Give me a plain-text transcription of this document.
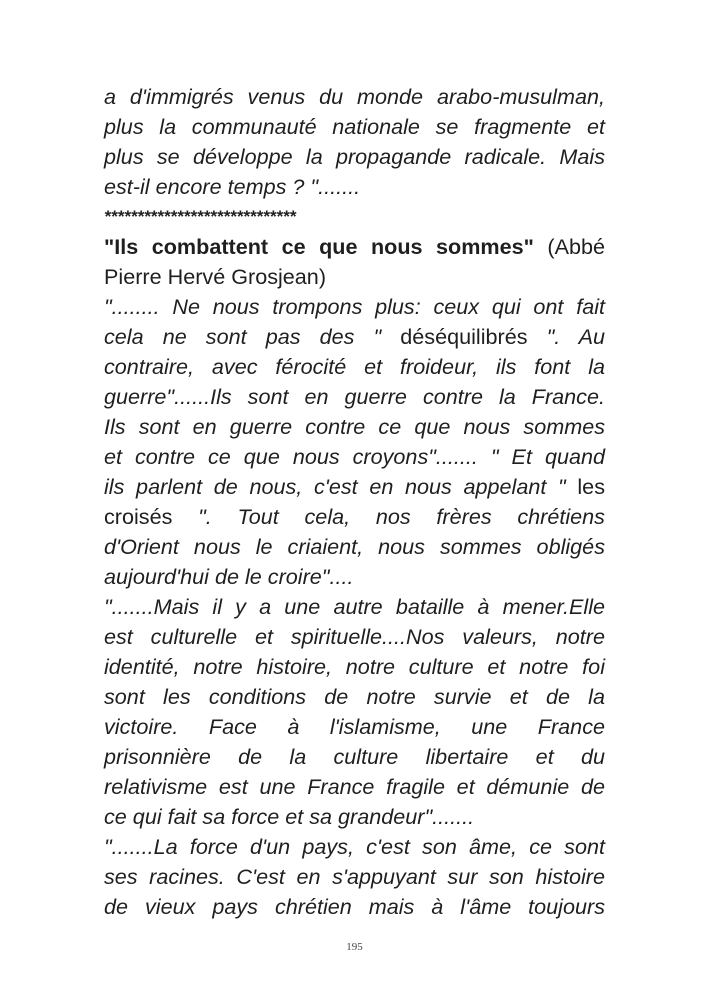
a d'immigrés venus du monde arabo-musulman,
plus la communauté nationale se fragmente et
plus se développe la propagande radicale. Mais
est-il encore temps ? ".......
*****************************
"Ils combattent ce que nous sommes" (Abbé
Pierre Hervé Grosjean)
"........ Ne nous trompons plus: ceux qui ont fait
cela ne sont pas des " déséquilibrés ". Au
contraire, avec férocité et froideur, ils font la
guerre"......Ils sont en guerre contre la France.
Ils sont en guerre contre ce que nous sommes
et contre ce que nous croyons"....... " Et quand
ils parlent de nous, c'est en nous appelant " les
croisés ". Tout cela, nos frères chrétiens
d'Orient nous le criaient, nous sommes obligés
aujourd'hui de le croire"....
".......Mais il y a une autre bataille à mener.Elle
est culturelle et spirituelle....Nos valeurs, notre
identité, notre histoire, notre culture et notre foi
sont les conditions de notre survie et de la
victoire. Face à l'islamisme, une France
prisonnière de la culture libertaire et du
relativisme est une France fragile et démunie de
ce qui fait sa force et sa grandeur".......
".......La force d'un pays, c'est son âme, ce sont
ses racines. C'est en s'appuyant sur son histoire
de vieux pays chrétien mais à l'âme toujours
195
